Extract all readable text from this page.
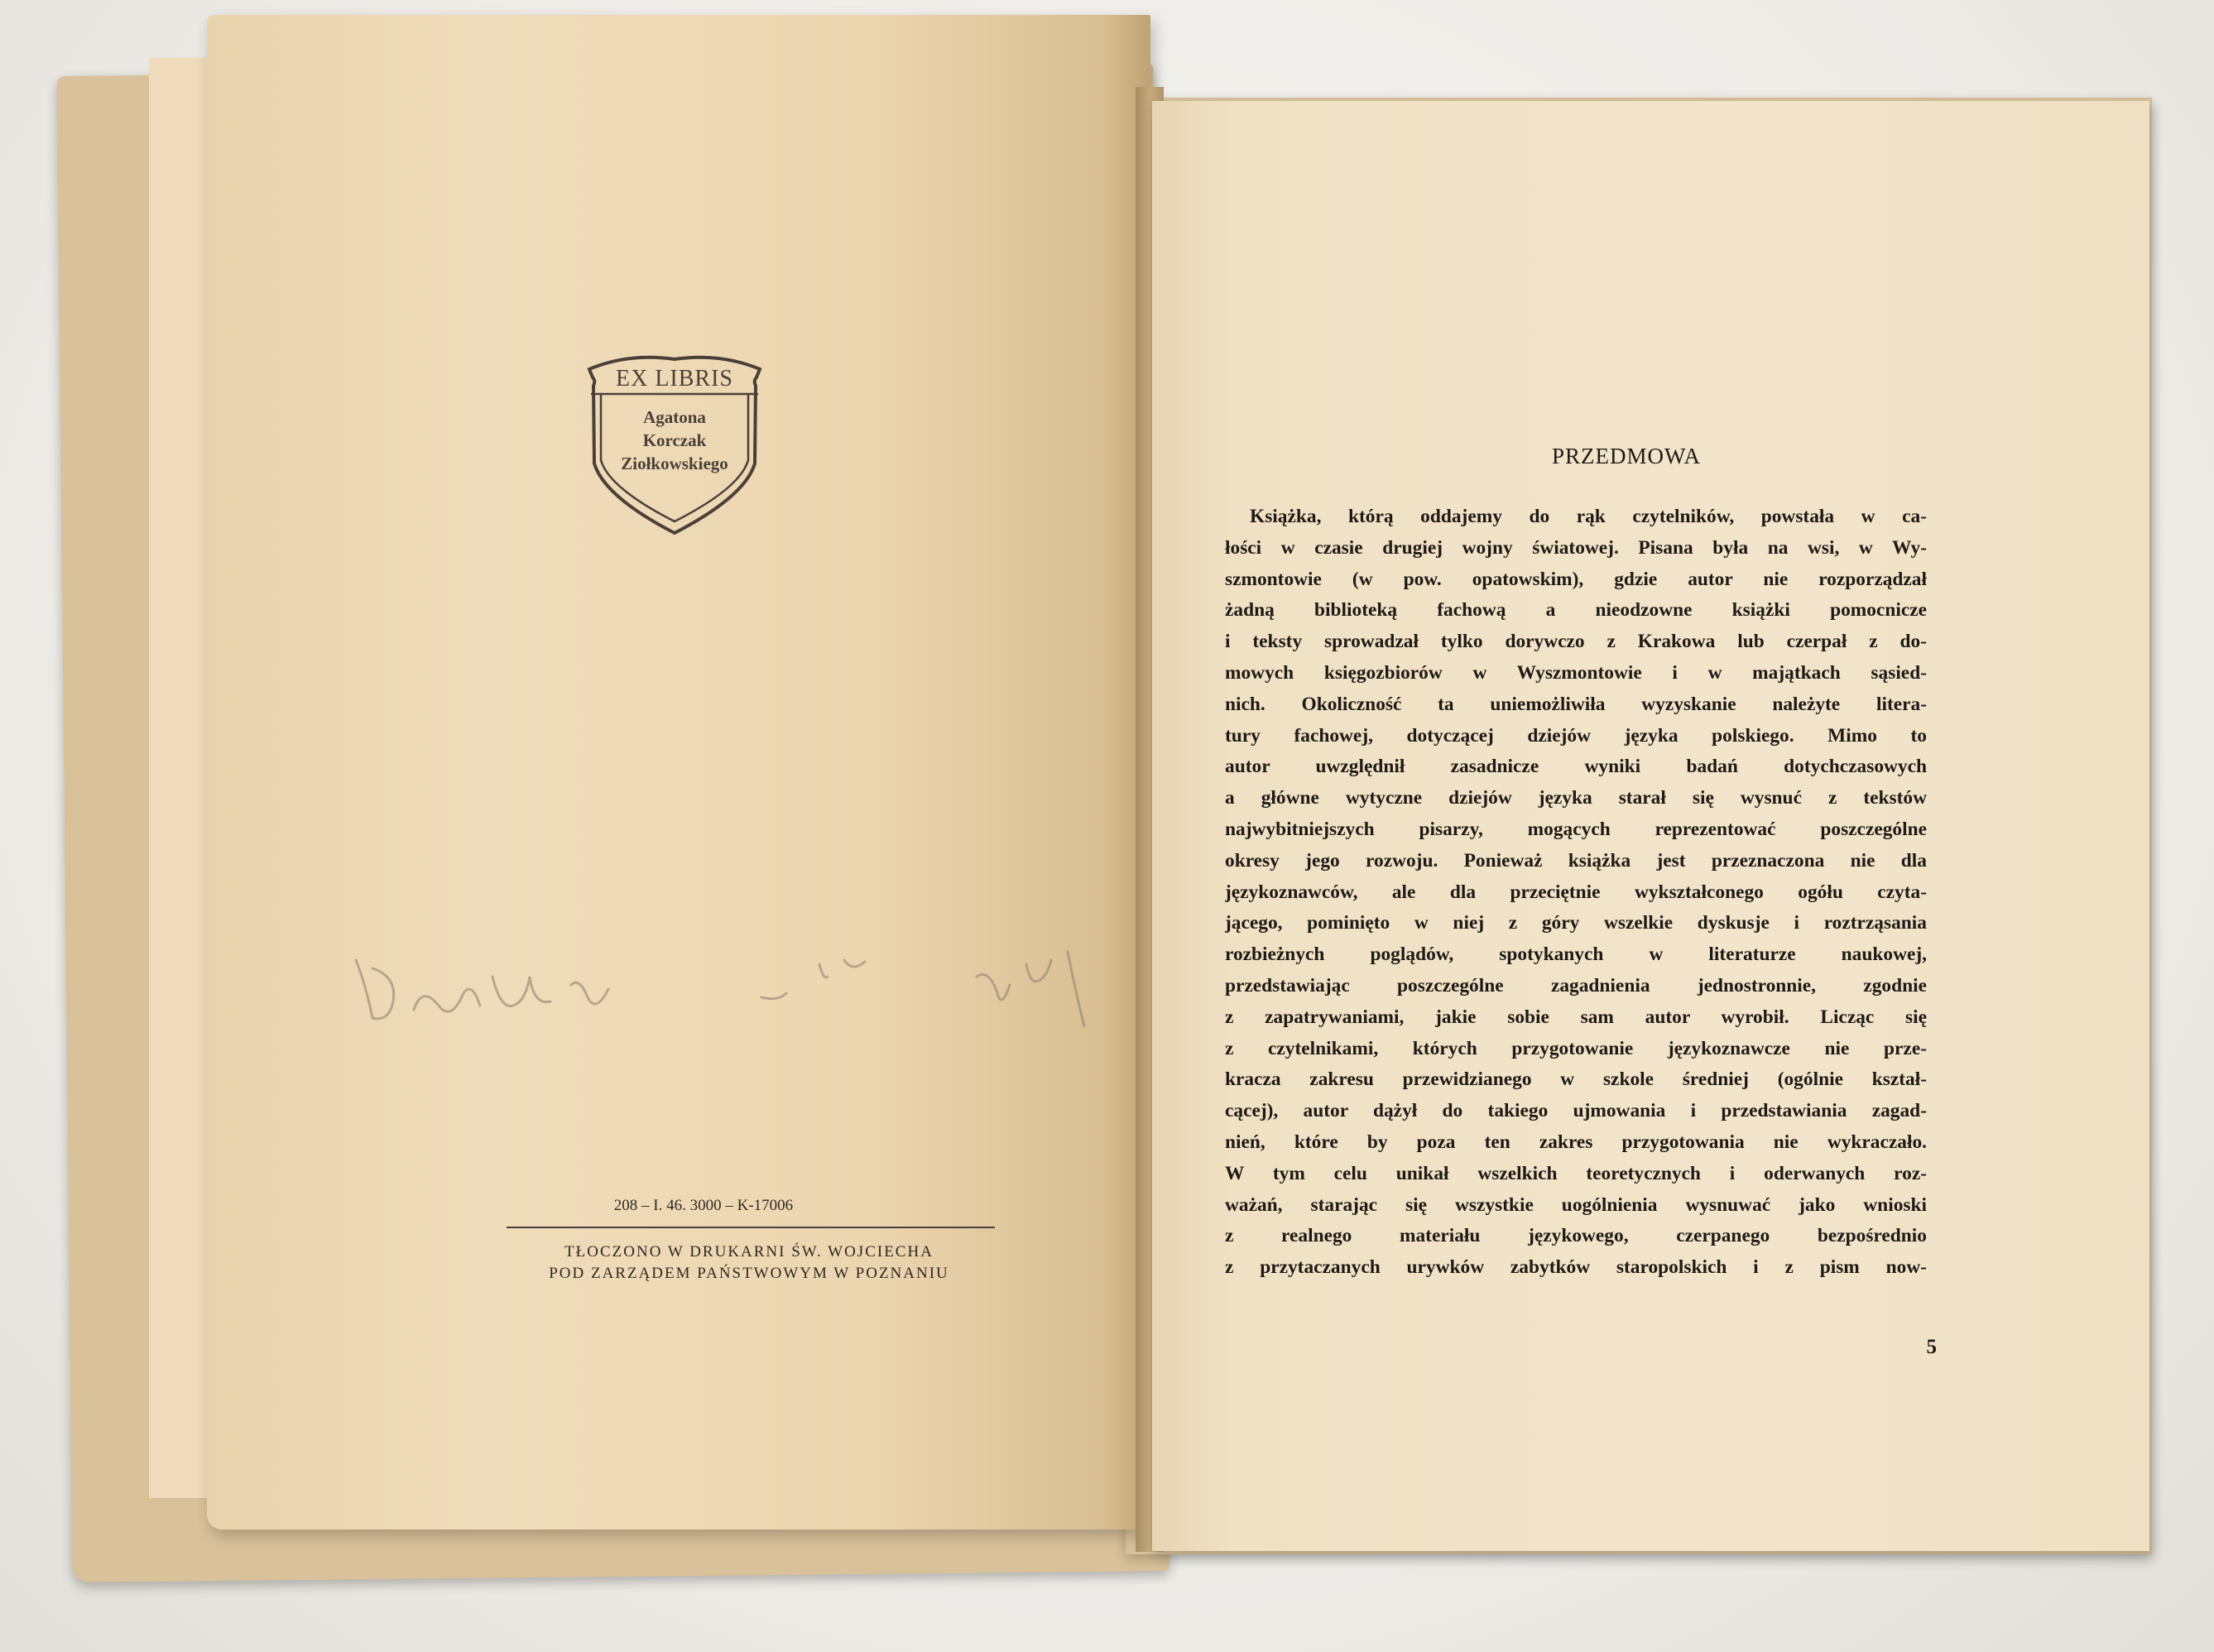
EX LIBRIS
Agatona
Korczak
Ziołkowskiego
208 – I. 46. 3000 – K-17006
TŁOCZONO W DRUKARNI ŚW. WOJCIECHA
POD ZARZĄDEM PAŃSTWOWYM W POZNANIU
PRZEDMOWA
Książka, którą oddajemy do rąk czytelników, powstała w ca-
łości w czasie drugiej wojny światowej. Pisana była na wsi, w Wy-
szmontowie (w pow. opatowskim), gdzie autor nie rozporządzał
żadną biblioteką fachową a nieodzowne książki pomocnicze
i teksty sprowadzał tylko dorywczo z Krakowa lub czerpał z do-
mowych księgozbiorów w Wyszmontowie i w majątkach sąsied-
nich. Okoliczność ta uniemożliwiła wyzyskanie należyte litera-
tury fachowej, dotyczącej dziejów języka polskiego. Mimo to
autor uwzględnił zasadnicze wyniki badań dotychczasowych
a główne wytyczne dziejów języka starał się wysnuć z tekstów
najwybitniejszych pisarzy, mogących reprezentować poszczególne
okresy jego rozwoju. Ponieważ książka jest przeznaczona nie dla
językoznawców, ale dla przeciętnie wykształconego ogółu czyta-
jącego, pominięto w niej z góry wszelkie dyskusje i roztrząsania
rozbieżnych poglądów, spotykanych w literaturze naukowej,
przedstawiając poszczególne zagadnienia jednostronnie, zgodnie
z zapatrywaniami, jakie sobie sam autor wyrobił. Licząc się
z czytelnikami, których przygotowanie językoznawcze nie prze-
kracza zakresu przewidzianego w szkole średniej (ogólnie kształ-
cącej), autor dążył do takiego ujmowania i przedstawiania zagad-
nień, które by poza ten zakres przygotowania nie wykraczało.
W tym celu unikał wszelkich teoretycznych i oderwanych roz-
ważań, starając się wszystkie uogólnienia wysnuwać jako wnioski
z realnego materiału językowego, czerpanego bezpośrednio
z przytaczanych urywków zabytków staropolskich i z pism now-
5
